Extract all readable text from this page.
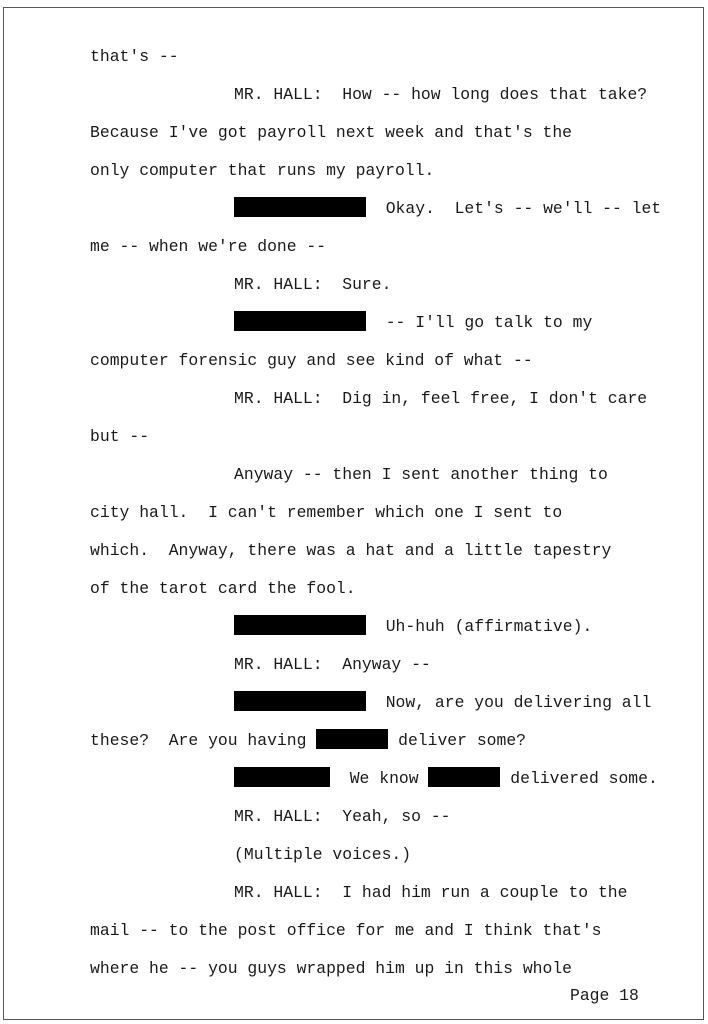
that's --

MR. HALL:  How -- how long does that take?

Because I've got payroll next week and that's the

only computer that runs my payroll.

Okay.  Let's -- we'll -- let

me -- when we're done --

MR. HALL:  Sure.

-- I'll go talk to my

computer forensic guy and see kind of what --

MR. HALL:  Dig in, feel free, I don't care

but --

Anyway -- then I sent another thing to

city hall.  I can't remember which one I sent to

which.  Anyway, there was a hat and a little tapestry

of the tarot card the fool.

Uh-huh (affirmative).

MR. HALL:  Anyway --

Now, are you delivering all

these?  Are you having	deliver some?

We know	delivered some.

MR. HALL:  Yeah, so --

(Multiple voices.)

MR. HALL:  I had him run a couple to the

mail -- to the post office for me and I think that's

where he -- you guys wrapped him up in this whole

Page 18
